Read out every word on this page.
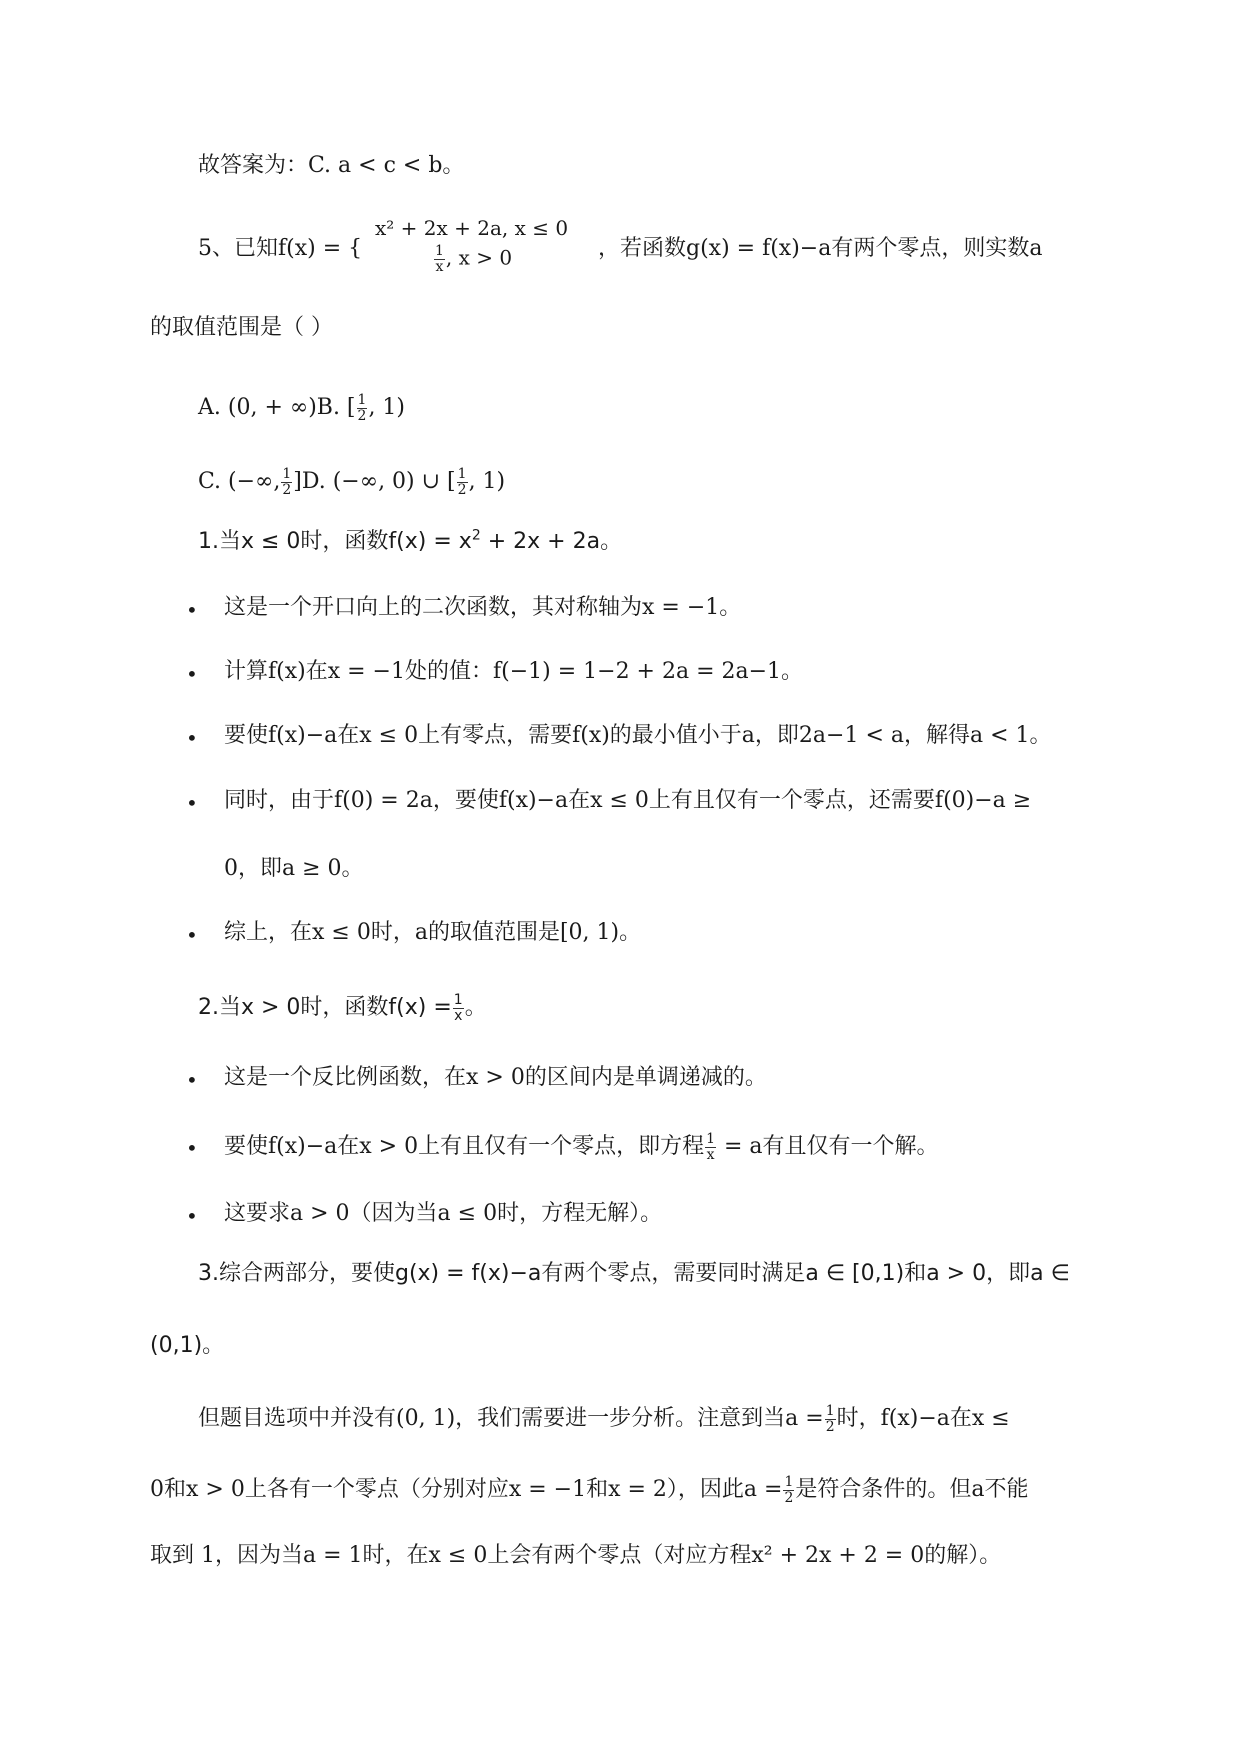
故答案为：C. a < c < b。
5、已知f(x) = {
x² + 2x + 2a, x ≤ 0
$\frac{1}{x}$ , x > 0	，若函数g(x) = f(x)−a有两个零点，则实数a
的取值范围是（ ）
A. (0, + ∞)B. [ $\frac{1}{2}$ , 1)
C. (−∞, $\frac{1}{2} ]D$. (−∞, 0) ∪ [ $\frac{1}{2}$ , 1)
1.当x ≤ 0时，函数$f(x) = x^2 + 2x + 2a$。
• 这是一个开口向上的二次函数，其对称轴为x = −1。
• 计算f(x)在x = −1处的值：f(−1) = 1−2 + 2a = 2a−1。
• 要使f(x)−a在x ≤ 0上有零点，需要f(x)的最小值小于a，即2a−1 < a，解得a < 1。
• 同时，由于f(0) = 2a，要使f(x)−a在x ≤ 0上有且仅有一个零点，还需要f(0)−a ≥
0，即a ≥ 0。
• 综上，在x ≤ 0时，a的取值范围是[0, 1)。
2.当x > 0时，函数$f(x) = \frac{1}{x}$ 。
• 这是一个反比例函数，在x > 0的区间内是单调递减的。
• 要使f(x)−a在x > 0上有且仅有一个零点，即方程 $\frac{1}{x} = a$有且仅有一个解。
• 这要求a > 0（因为当a ≤ 0时，方程无解）。
3.综合两部分，要使g(x) = f(x)−a有两个零点，需要同时满足a ∈ [0,1)和a > 0，即a ∈
(0,1)。
但题目选项中并没有(0, 1)，我们需要进一步分析。注意到当$a = \frac{1}{2}$ 时，f(x)−a在x ≤
0和x > 0上各有一个零点（分别对应x = −1和x = 2），因此$a = \frac{1}{2}$ 是符合条件的。但a不能
取到 1，因为当a = 1时，在x ≤ 0上会有两个零点（对应方程x² + 2x + 2 = 0的解）。
